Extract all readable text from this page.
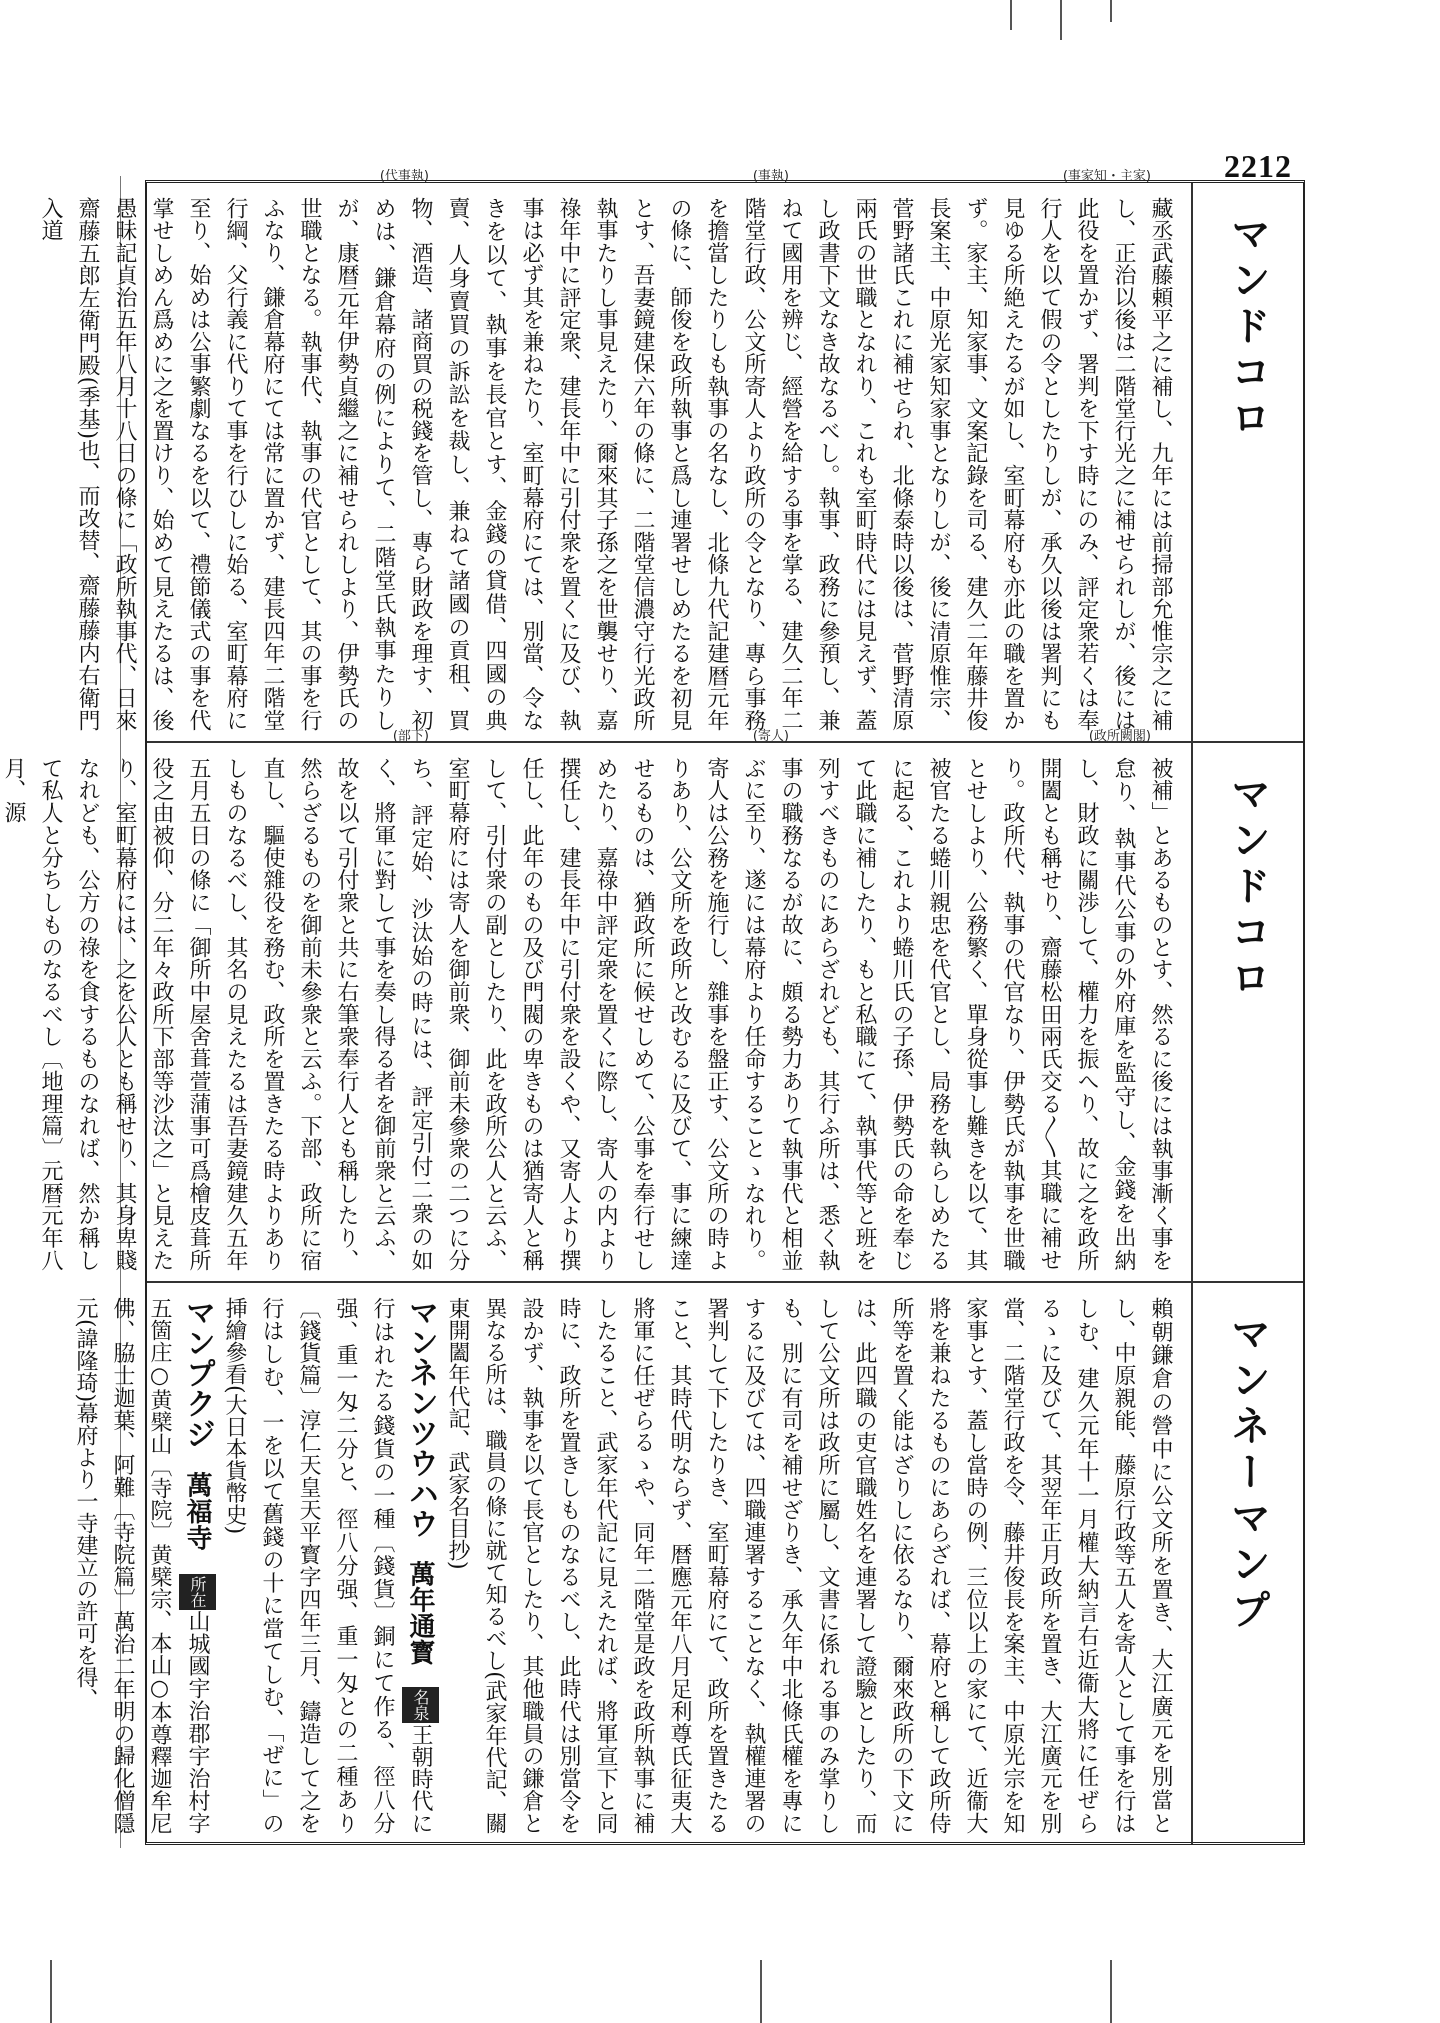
2212
マンドコロ
(事家知・主家)
(事執)
(代事執)
藏丞武藤頼平之に補し、九年には前掃部允惟宗之に補し、正治以後は二階堂行光之に補せられしが、後には此役を置かず、署判を下す時にのみ、評定衆若くは奉行人を以て假の令としたりしが、承久以後は署判にも見ゆる所絶えたるが如し、室町幕府も亦此の職を置かず。家主、知家事、文案記錄を司る、建久二年藤井俊長案主、中原光家知家事となりしが、後に清原惟宗、菅野諸氏これに補せられ、北條泰時以後は、菅野清原兩氏の世職となれり、これも室町時代には見えず、蓋し政書下文なき故なるべし。執事、政務に參預し、兼ねて國用を辨じ、經營を給する事を掌る、建久二年二階堂行政、公文所寄人より政所の令となり、專ら事務を擔當したりしも執事の名なし、北條九代記建暦元年の條に、師俊を政所執事と爲し連署せしめたるを初見とす、吾妻鏡建保六年の條に、二階堂信濃守行光政所執事たりし事見えたり、爾來其子孫之を世襲せり、嘉祿年中に評定衆、建長年中に引付衆を置くに及び、執事は必ず其を兼ねたり、室町幕府にては、別當、令なきを以て、執事を長官とす、金錢の貸借、四國の典賣、人身賣買の訴訟を裁し、兼ねて諸國の貢租、買物、酒造、諸商買の税錢を管し、專ら財政を理す、初めは、鎌倉幕府の例によりて、二階堂氏執事たりしが、康暦元年伊勢貞繼之に補せられしより、伊勢氏の世職となる。執事代、執事の代官として、其の事を行ふなり、鎌倉幕府にては常に置かず、建長四年二階堂行綱、父行義に代りて事を行ひしに始る、室町幕府に至り、始めは公事繁劇なるを以て、禮節儀式の事を代掌せしめん爲めに之を置けり、始めて見えたるは、後愚昧記貞治五年八月十八日の條に「政所執事代、日來齋藤五郎左衛門殿(季基)也、而改替、齋藤藤内右衛門入道
マンドコロ
(政所闕閣)
(寄人)
(部下)
被補」とあるものとす、然るに後には執事漸く事を怠り、執事代公事の外府庫を監守し、金錢を出納し、財政に關渉して、權力を振へり、故に之を政所開闔とも稱せり、齋藤松田兩氏交る〳〵其職に補せり。政所代、執事の代官なり、伊勢氏が執事を世職とせしより、公務繁く、單身從事し難きを以て、其被官たる蜷川親忠を代官とし、局務を執らしめたるに起る、これより蜷川氏の子孫、伊勢氏の命を奉じて此職に補したり、もと私職にて、執事代等と班を列すべきものにあらざれども、其行ふ所は、悉く執事の職務なるが故に、頗る勢力ありて執事代と相並ぶに至り、遂には幕府より任命することゝなれり。寄人は公務を施行し、雜事を盤正す、公文所の時よりあり、公文所を政所と改むるに及びて、事に練達せるものは、猶政所に候せしめて、公事を奉行せしめたり、嘉祿中評定衆を置くに際し、寄人の内より撰任し、建長年中に引付衆を設くや、又寄人より撰任し、此年のもの及び門閥の卑きものは猶寄人と稱して、引付衆の副としたり、此を政所公人と云ふ、室町幕府には寄人を御前衆、御前未參衆の二つに分ち、評定始、沙汰始の時には、評定引付二衆の如く、將軍に對して事を奏し得る者を御前衆と云ふ、故を以て引付衆と共に右筆衆奉行人とも稱したり、然らざるものを御前未參衆と云ふ。下部、政所に宿直し、驅使雜役を務む、政所を置きたる時よりありしものなるべし、其名の見えたるは吾妻鏡建久五年五月五日の條に「御所中屋舍葺萱蒲事可爲檜皮葺所役之由被仰、分二年々政所下部等沙汰之」と見えたり、室町幕府には、之を公人とも稱せり、其身卑賤なれども、公方の祿を食するものなれば、然か稱して私人と分ちしものなるべし〔地理篇〕元暦元年八月、源
マンネーマンプ
賴朝鎌倉の營中に公文所を置き、大江廣元を別當とし、中原親能、藤原行政等五人を寄人として事を行はしむ、建久元年十一月權大納言右近衞大將に任ぜらるゝに及びて、其翌年正月政所を置き、大江廣元を別當、二階堂行政を令、藤井俊長を案主、中原光宗を知家事とす、蓋し當時の例、三位以上の家にて、近衞大將を兼ねたるものにあらざれば、幕府と稱して政所侍所等を置く能はざりしに依るなり、爾來政所の下文には、此四職の吏官職姓名を連署して證驗としたり、而して公文所は政所に屬し、文書に係れる事のみ掌りしも、別に有司を補せざりき、承久年中北條氏權を專にするに及びては、四職連署することなく、執權連署の署判して下したりき、室町幕府にて、政所を置きたること、其時代明ならず、暦應元年八月足利尊氏征夷大將軍に任ぜらるゝや、同年二階堂是政を政所執事に補したること、武家年代記に見えたれば、將軍宣下と同時に、政所を置きしものなるべし、此時代は別當令を設かず、執事を以て長官としたり、其他職員の鎌倉と異なる所は、職員の條に就て知るべし(武家年代記、關東開闔年代記、武家名目抄)
マンネンツウハウ　萬年通寳　名泉王朝時代に行はれたる錢貨の一種〔錢貨〕銅にて作る、徑八分强、重一匁二分と、徑八分强、重一匁との二種あり〔錢貨篇〕淳仁天皇天平寳字四年三月、鑄造して之を行はしむ、一を以て舊錢の十に當てしむ、「ぜに」の挿繪參看(大日本貨幣史)
マンプクジ　萬福寺　所在山城國宇治郡宇治村字五箇庄○黄檗山〔寺院〕黄檗宗、本山○本尊釋迦牟尼佛、脇士迦葉、阿難〔寺院篇〕萬治二年明の歸化僧隱元(諱隆琦)幕府より一寺建立の許可を得、
